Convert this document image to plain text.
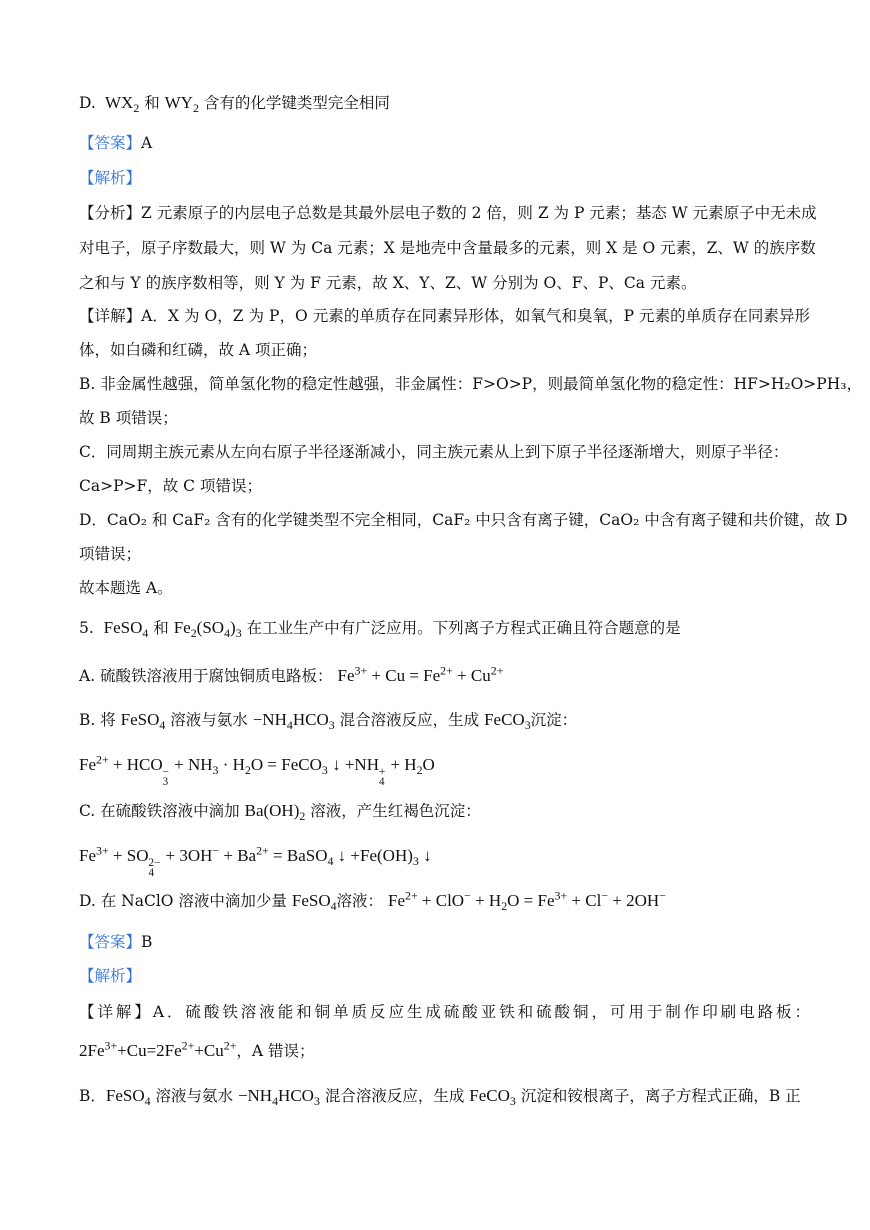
D.  $WX_2$ 和 $WY_2$ 含有的化学键类型完全相同
【答案】A
【解析】
【分析】Z 元素原子的内层电子总数是其最外层电子数的 2 倍，则 Z 为 P 元素；基态 W 元素原子中无未成
对电子，原子序数最大，则 W 为 Ca 元素；X 是地壳中含量最多的元素，则 X 是 O 元素，Z、W 的族序数
之和与 Y 的族序数相等，则 Y 为 F 元素，故 X、Y、Z、W 分别为 O、F、P、Ca 元素。
【详解】A．X 为 O，Z 为 P，O 元素的单质存在同素异形体，如氧气和臭氧，P 元素的单质存在同素异形
体，如白磷和红磷，故 A 项正确；
B. 非金属性越强，简单氢化物的稳定性越强，非金属性：F>O>P，则最简单氢化物的稳定性：HF>H₂O>PH₃，
故 B 项错误；
C．同周期主族元素从左向右原子半径逐渐减小，同主族元素从上到下原子半径逐渐增大，则原子半径：
Ca>P>F，故 C 项错误；
D．CaO₂ 和 CaF₂ 含有的化学键类型不完全相同，CaF₂ 中只含有离子键，CaO₂ 中含有离子键和共价键，故 D
项错误；
故本题选 A。
5.  FeSO$_4$ 和 $Fe_2(SO_4)_3$ 在工业生产中有广泛应用。下列离子方程式正确且符合题意的是
A. 硫酸铁溶液用于腐蚀铜质电路板： $Fe^{3+} + Cu = Fe^{2+} + Cu^{2+}$
B. 将 FeSO$_4$ 溶液与氨水 $-NH_4HCO_3$ 混合溶液反应，生成 FeCO$_3$沉淀：
$Fe^{2+}$ + HCO −
3
+ $NH_3 \cdot H_2O$ = FeCO$_3$ ↓ +NH +
4
+ $H_2O$
C. 在硫酸铁溶液中滴加 $Ba(OH)_2$ 溶液，产生红褐色沉淀：
$Fe^{3+}$ + SO 2−
4
+ $3OH^- + Ba^{2+}$ = BaSO$_4$ ↓ $+Fe(OH)_3$ ↓
D. 在 NaClO 溶液中滴加少量 FeSO$_4$溶液： $Fe^{2+} + ClO^- + H_2O = Fe^{3+} + Cl^- + 2OH^-$
【答案】B
【解析】
【详解】A．硫酸铁溶液能和铜单质反应生成硫酸亚铁和硫酸铜，可用于制作印刷电路板：
$2Fe^{3+}+Cu=2Fe^{2+}+Cu^{2+}$，A 错误；
B．FeSO$_4$ 溶液与氨水 $-NH_4HCO_3$ 混合溶液反应，生成 FeCO$_3$ 沉淀和铵根离子，离子方程式正确，B 正
